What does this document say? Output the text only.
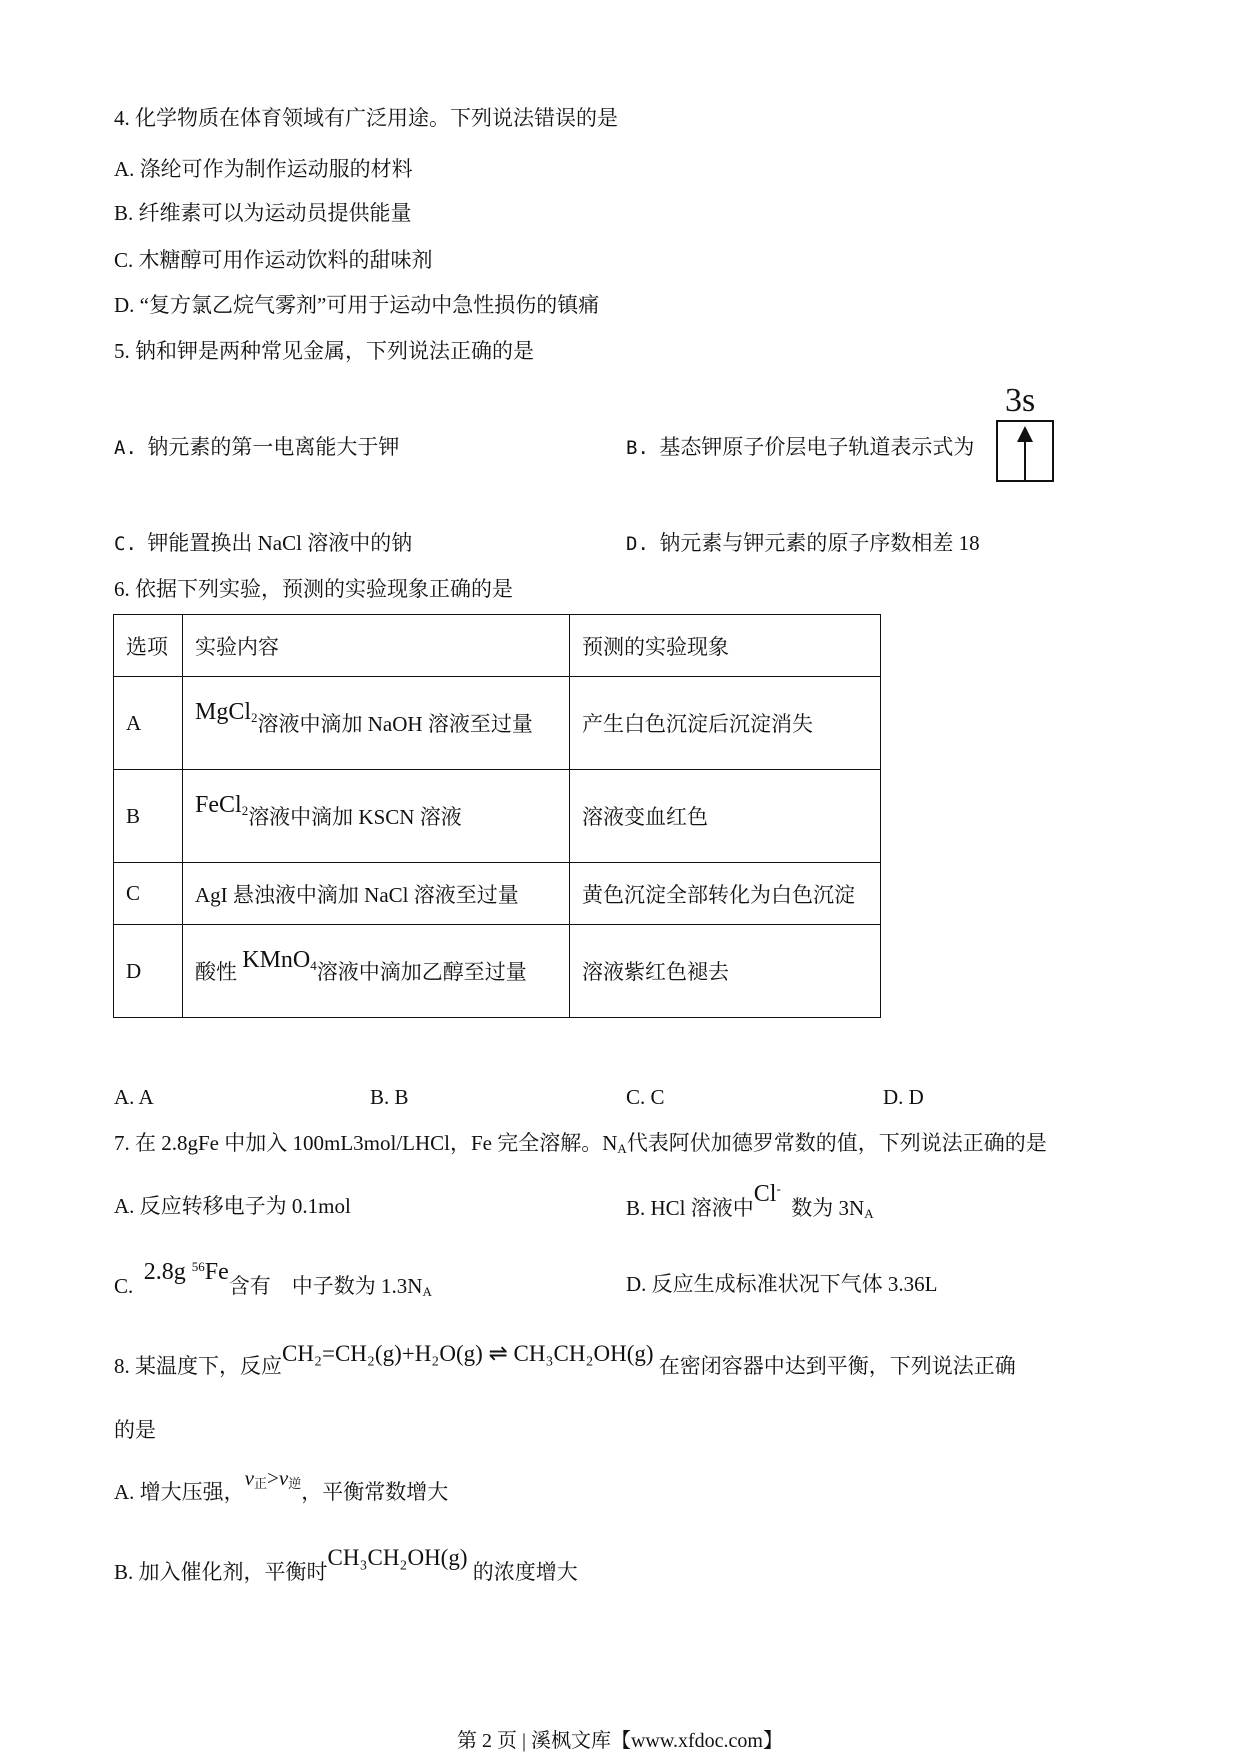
4. 化学物质在体育领域有广泛用途。下列说法错误的是
A. 涤纶可作为制作运动服的材料
B. 纤维素可以为运动员提供能量
C. 木糖醇可用作运动饮料的甜味剂
D. “复方氯乙烷气雾剂”可用于运动中急性损伤的镇痛
5. 钠和钾是两种常见金属，下列说法正确的是
A. 钠元素的第一电离能大于钾	B. 基态钾原子价层电子轨道表示式为
3s
C. 钾能置换出 NaCl 溶液中的钠	D. 钠元素与钾元素的原子序数相差 18
6. 依据下列实验，预测的实验现象正确的是
选项	实验内容	预测的实验现象
A	MgCl$_2$溶液中滴加 NaOH 溶液至过量	产生白色沉淀后沉淀消失
B	FeCl$_2$溶液中滴加 KSCN 溶液	溶液变血红色
C	AgI 悬浊液中滴加 NaCl 溶液至过量	黄色沉淀全部转化为白色沉淀
D	酸性 KMnO$_4$溶液中滴加乙醇至过量	溶液紫红色褪去
A. A	B. B	C. C	D. D
7. 在 2.8gFe 中加入 100mL3mol/LHCl，Fe 完全溶解。$N_A$代表阿伏加德罗常数的值，下列说法正确的是
A. 反应转移电子为 0.1mol	B. HCl 溶液中Cl-  数为 $3N_A$
C.  2.8g $^{56}$Fe含有 中子数为 $1.3N_A$	D. 反应生成标准状况下气体 3.36L
8. 某温度下，反应CH₂=CH₂(g)+H₂O(g) ⇌ CH₃CH₂OH(g) 在密闭容器中达到平衡，下列说法正确
的是
A. 增大压强，$v_正>v_逆$，平衡常数增大
B. 加入催化剂，平衡时CH₃CH₂OH(g) 的浓度增大
第 2 页 | 溪枫文库【www.xfdoc.com】
